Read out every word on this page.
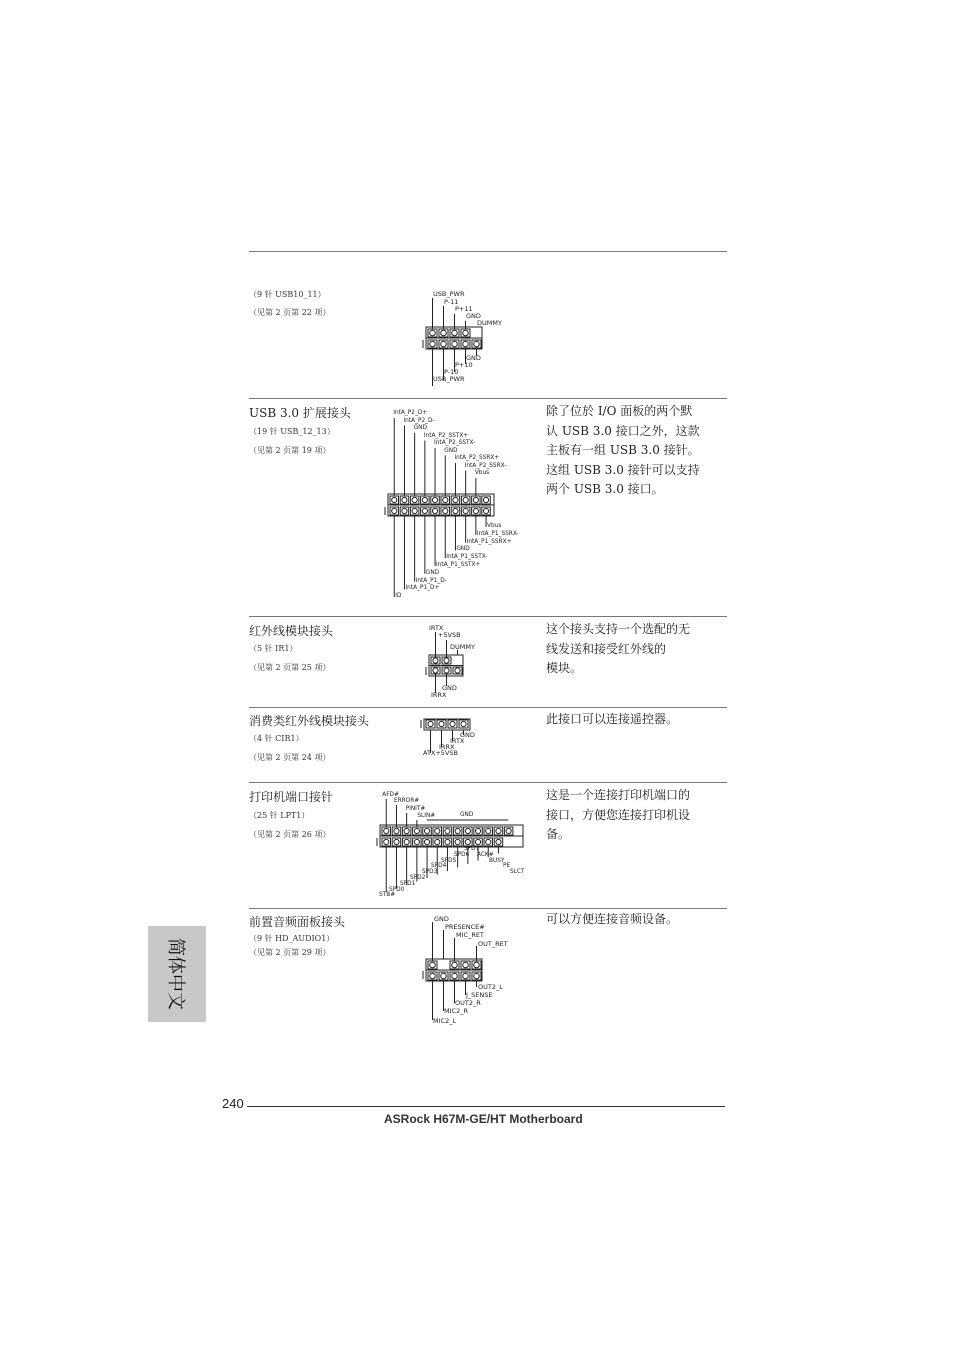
（9 针 USB10_11）
（见第 2 页第 22 项）
USB_PWR
P-11
P+11
GND
DUMMY
GND
P+10
P-10
USB_PWR
USB 3.0 扩展接头
（19 针 USB_12_13）
（见第 2 页第 19 项）
除了位於 I/O 面板的两个默
认 USB 3.0 接口之外，这款
主板有一组 USB 3.0 接针。
这组 USB 3.0 接针可以支持
两个 USB 3.0 接口。
IntA_P2_D+
IntA_P2_D-
GND
IntA_P2_SSTX+
IntA_P2_SSTX-
GND
IntA_P2_SSRX+
IntA_P2_SSRX-
Vbus
Vbus
IntA_P1_SSRX-
IntA_P1_SSRX+
GND
IntA_P1_SSTX-
IntA_P1_SSTX+
GND
IntA_P1_D-
IntA_P1_D+
ID
红外线模块接头
（5 针 IR1）
（见第 2 页第 25 项）
这个接头支持一个选配的无
线发送和接受红外线的
模块。
IRTX
+5VSB
DUMMY
GND
IRRX
消费类红外线模块接头
（4 针 CIR1）
（见第 2 页第 24 项）
此接口可以连接遥控器。
GND
IRTX
IRRX
ATX+5VSB
打印机端口接针
（25 针 LPT1）
（见第 2 页第 26 项）
这是一个连接打印机端口的
接口，方便您连接打印机设
备。
AFD#
ERROR#
PINIT#
SLIN#	GND
SPD7
SPD6 ACK#
BUSY
PE
SLCT
SPD5
SPD4
SPD3
SPD2
SPD1
SPD0
STB#
前置音频面板接头
（9 针 HD_AUDIO1）
（见第 2 页第 29 项）
可以方便连接音频设备。
GND
PRESENCE#
MIC_RET
OUT_RET
OUT2_L
J_SENSE
OUT2_R
MIC2_R
MIC2_L
简体中文
240
ASRock H67M-GE/HT Motherboard
